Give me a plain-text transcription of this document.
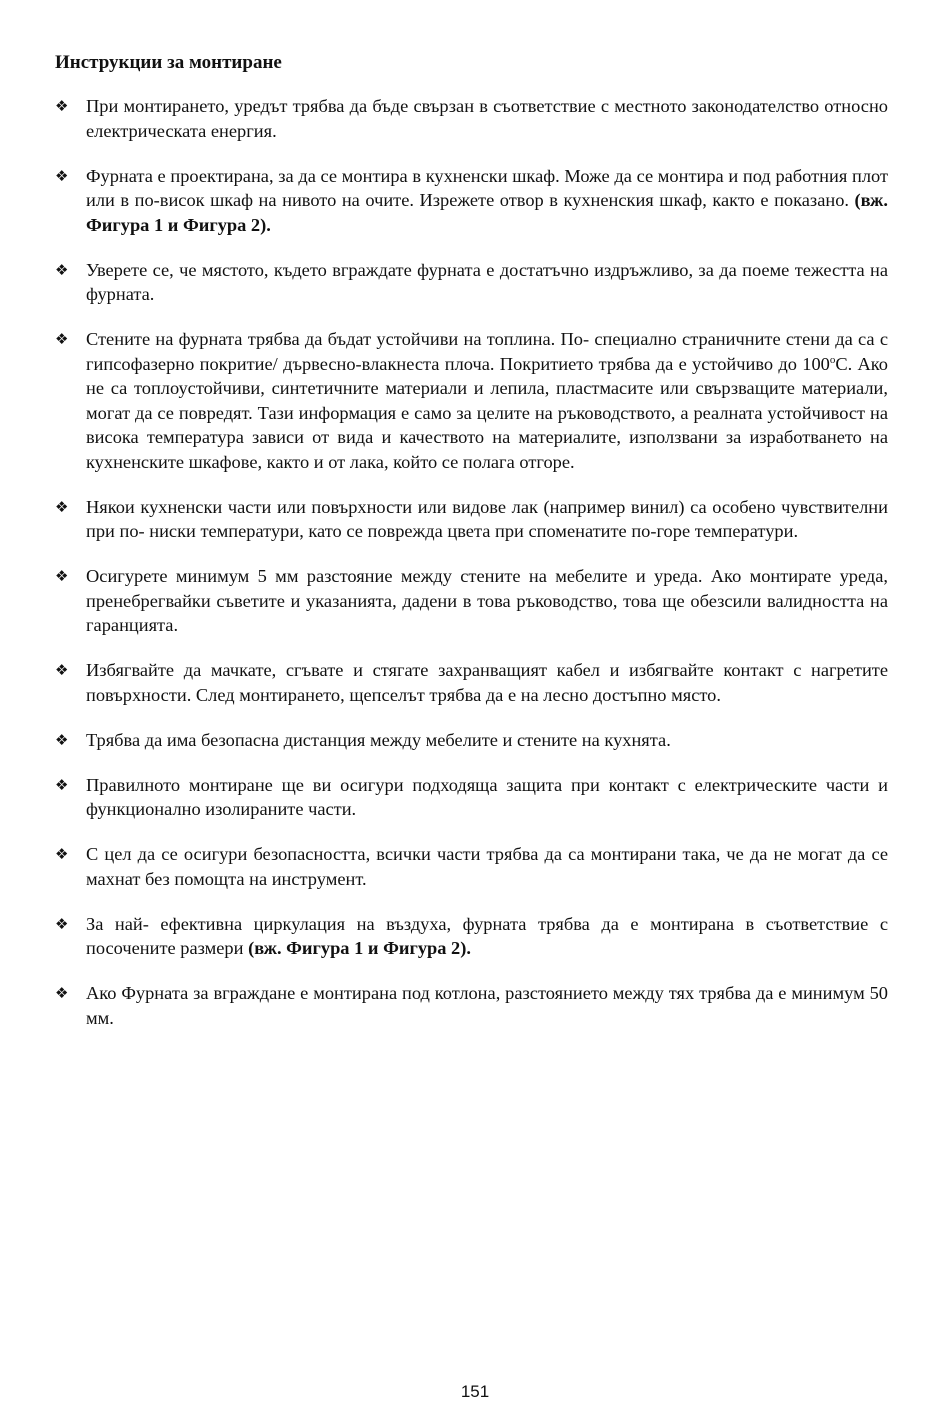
Инструкции за монтиране
❖ При монтирането, уредът трябва да бъде свързан в съответствие с местното законодателство относно електрическата енергия.
❖ Фурната е проектирана, за да се монтира в кухненски шкаф. Може да се монтира и под работния плот или в по-висок шкаф на нивото на очите. Изрежете отвор в кухненския шкаф, както е показано. (вж. Фигура 1 и Фигура 2).
❖ Уверете се, че мястото, където вграждате фурната е достатъчно издръжливо, за да поеме тежестта на фурната.
❖ Стените на фурната трябва да бъдат устойчиви на топлина. По- специално страничните стени да са с гипсофазерно покритие/ дървесно-влакнеста плоча. Покритието трябва да е устойчиво до 100$^o$С. Ако не са топлоустойчиви, синтетичните материали и лепила, пластмасите или свързващите материали, могат да се повредят. Тази информация е само за целите на ръководството, а реалната устойчивост на висока температура зависи от вида и качеството на материалите, използвани за изработването на кухненските шкафове, както и от лака, който се полага отгоре.
❖ Някои кухненски части или повърхности или видове лак (например винил) са особено чувствителни при по- ниски температури, като се поврежда цвета при споменатите по-горе температури.
❖ Осигурете минимум 5 мм разстояние между стените на мебелите и уреда. Ако монтирате уреда, пренебрегвайки съветите и указанията, дадени в това ръководство, това ще обезсили валидността на гаранцията.
❖ Избягвайте да мачкате, сгъвате и стягате захранващият кабел и избягвайте контакт с нагретите повърхности. След монтирането, щепселът трябва да е на лесно достъпно място.
❖ Трябва да има безопасна дистанция между мебелите и стените на кухнята.
❖ Правилното монтиране ще ви осигури подходяща защита при контакт с електрическите части и функционално изолираните части.
❖ С цел да се осигури безопасността, всички части трябва да са монтирани така, че да не могат да се махнат без помощта на инструмент.
❖ За най- ефективна циркулация на въздуха, фурната трябва да е монтирана в съответствие с посочените размери (вж. Фигура 1 и Фигура 2).
❖ Ако Фурната за вграждане е монтирана под котлона, разстоянието между тях трябва да е минимум 50 мм.
151
